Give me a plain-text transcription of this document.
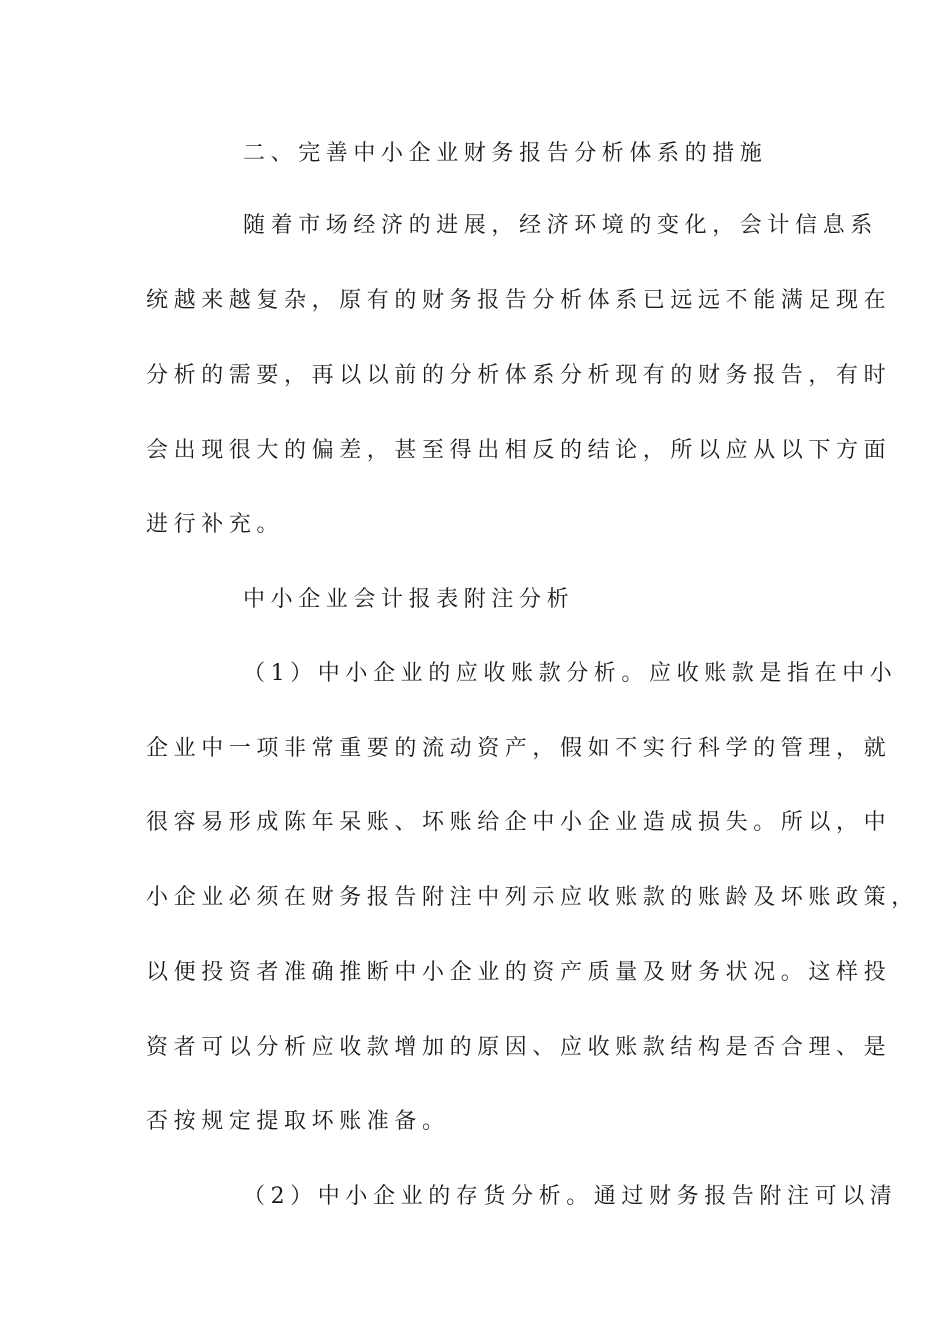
二、完善中小企业财务报告分析体系的措施
随着市场经济的进展，经济环境的变化，会计信息系
统越来越复杂，原有的财务报告分析体系已远远不能满足现在
分析的需要，再以以前的分析体系分析现有的财务报告，有时
会出现很大的偏差，甚至得出相反的结论，所以应从以下方面
进行补充。
中小企业会计报表附注分析
（1）中小企业的应收账款分析。应收账款是指在中小
企业中一项非常重要的流动资产，假如不实行科学的管理，就
很容易形成陈年呆账、坏账给企中小企业造成损失。所以，中
小企业必须在财务报告附注中列示应收账款的账龄及坏账政策，
以便投资者准确推断中小企业的资产质量及财务状况。这样投
资者可以分析应收款增加的原因、应收账款结构是否合理、是
否按规定提取坏账准备。
（2）中小企业的存货分析。通过财务报告附注可以清
